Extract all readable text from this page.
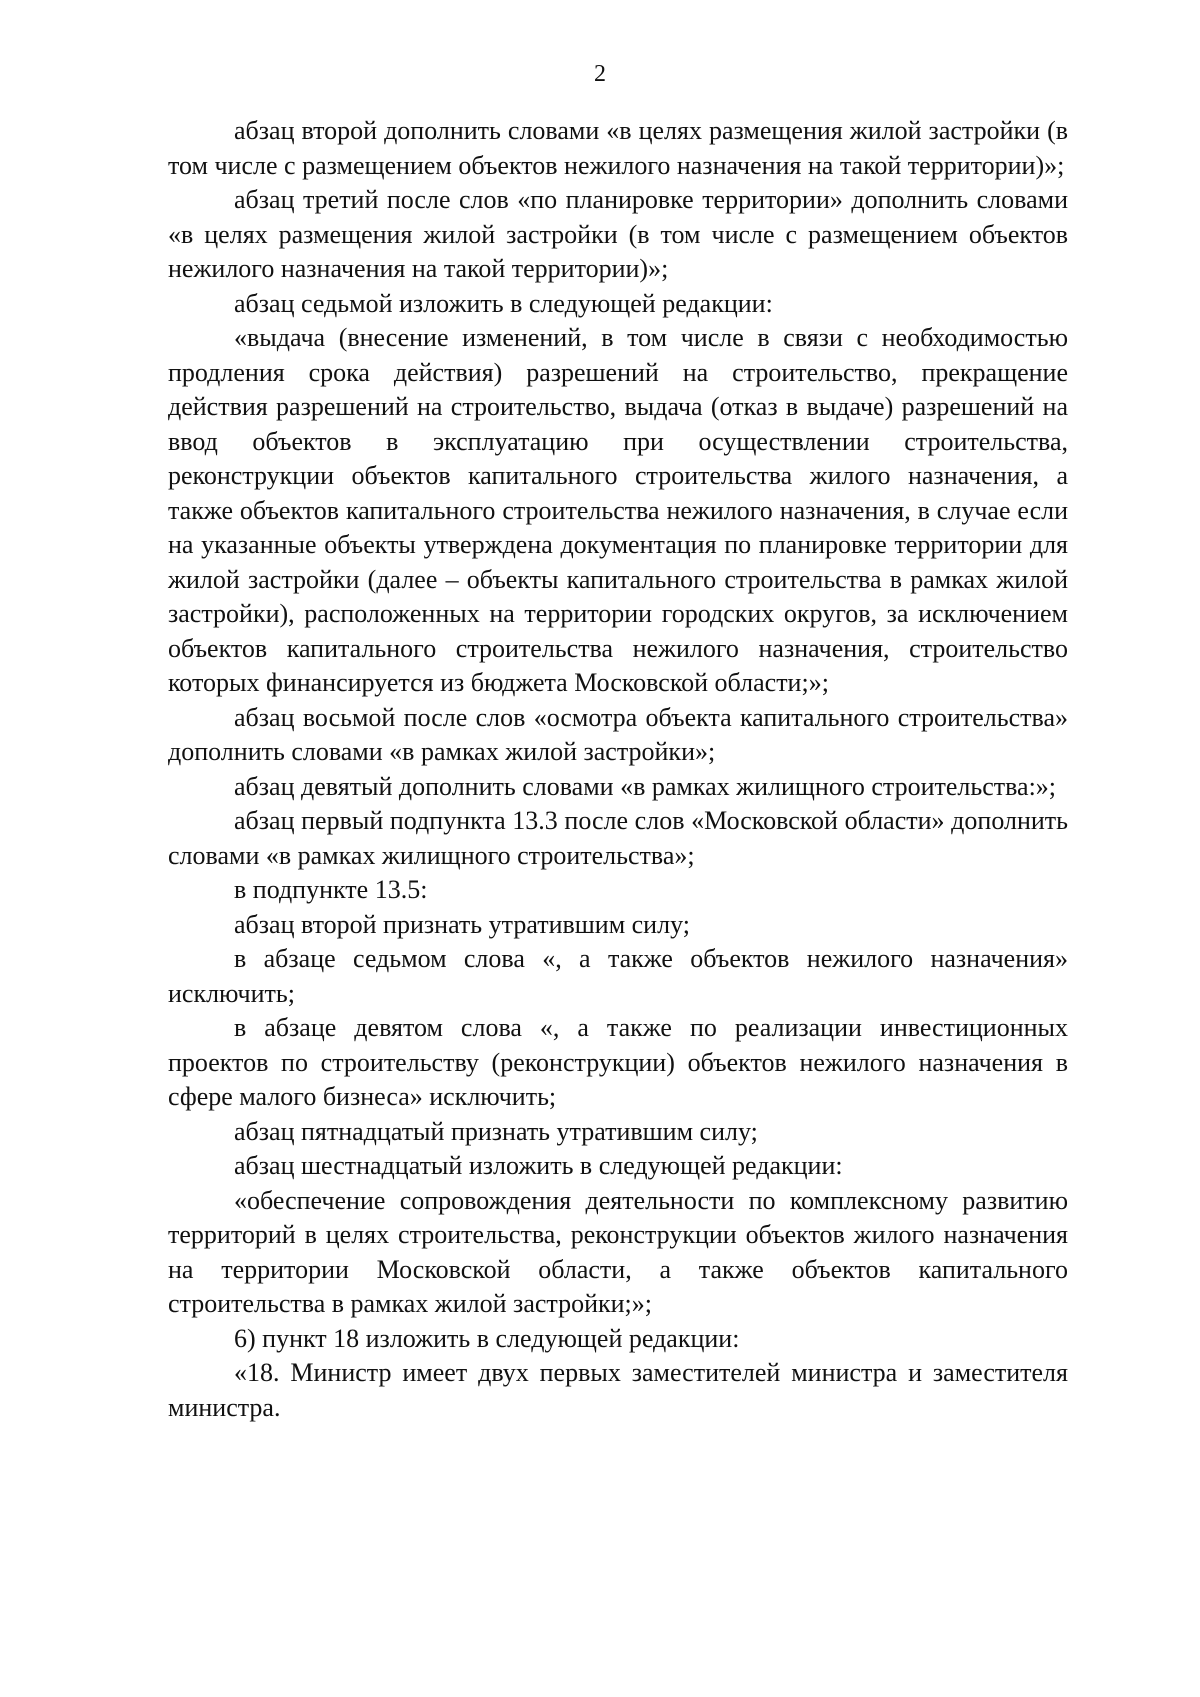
2

абзац второй дополнить словами «в целях размещения жилой застройки (в том числе с размещением объектов нежилого назначения на такой территории)»;

абзац третий после слов «по планировке территории» дополнить словами «в целях размещения жилой застройки (в том числе с размещением объектов нежилого назначения на такой территории)»;

абзац седьмой изложить в следующей редакции:

«выдача (внесение изменений, в том числе в связи с необходимостью продления срока действия) разрешений на строительство, прекращение действия разрешений на строительство, выдача (отказ в выдаче) разрешений на ввод объектов в эксплуатацию при осуществлении строительства, реконструкции объектов капитального строительства жилого назначения, а также объектов капитального строительства нежилого назначения, в случае если на указанные объекты утверждена документация по планировке территории для жилой застройки (далее – объекты капитального строительства в рамках жилой застройки), расположенных на территории городских округов, за исключением объектов капитального строительства нежилого назначения, строительство которых финансируется из бюджета Московской области;»;

абзац восьмой после слов «осмотра объекта капитального строительства» дополнить словами «в рамках жилой застройки»;

абзац девятый дополнить словами «в рамках жилищного строительства:»;

абзац первый подпункта 13.3 после слов «Московской области» дополнить словами «в рамках жилищного строительства»;

в подпункте 13.5:

абзац второй признать утратившим силу;

в абзаце седьмом слова «, а также объектов нежилого назначения» исключить;

в абзаце девятом слова «, а также по реализации инвестиционных проектов по строительству (реконструкции) объектов нежилого назначения в сфере малого бизнеса» исключить;

абзац пятнадцатый признать утратившим силу;

абзац шестнадцатый изложить в следующей редакции:

«обеспечение сопровождения деятельности по комплексному развитию территорий в целях строительства, реконструкции объектов жилого назначения на территории Московской области, а также объектов капитального строительства в рамках жилой застройки;»;

6) пункт 18 изложить в следующей редакции:

«18. Министр имеет двух первых заместителей министра и заместителя министра.
